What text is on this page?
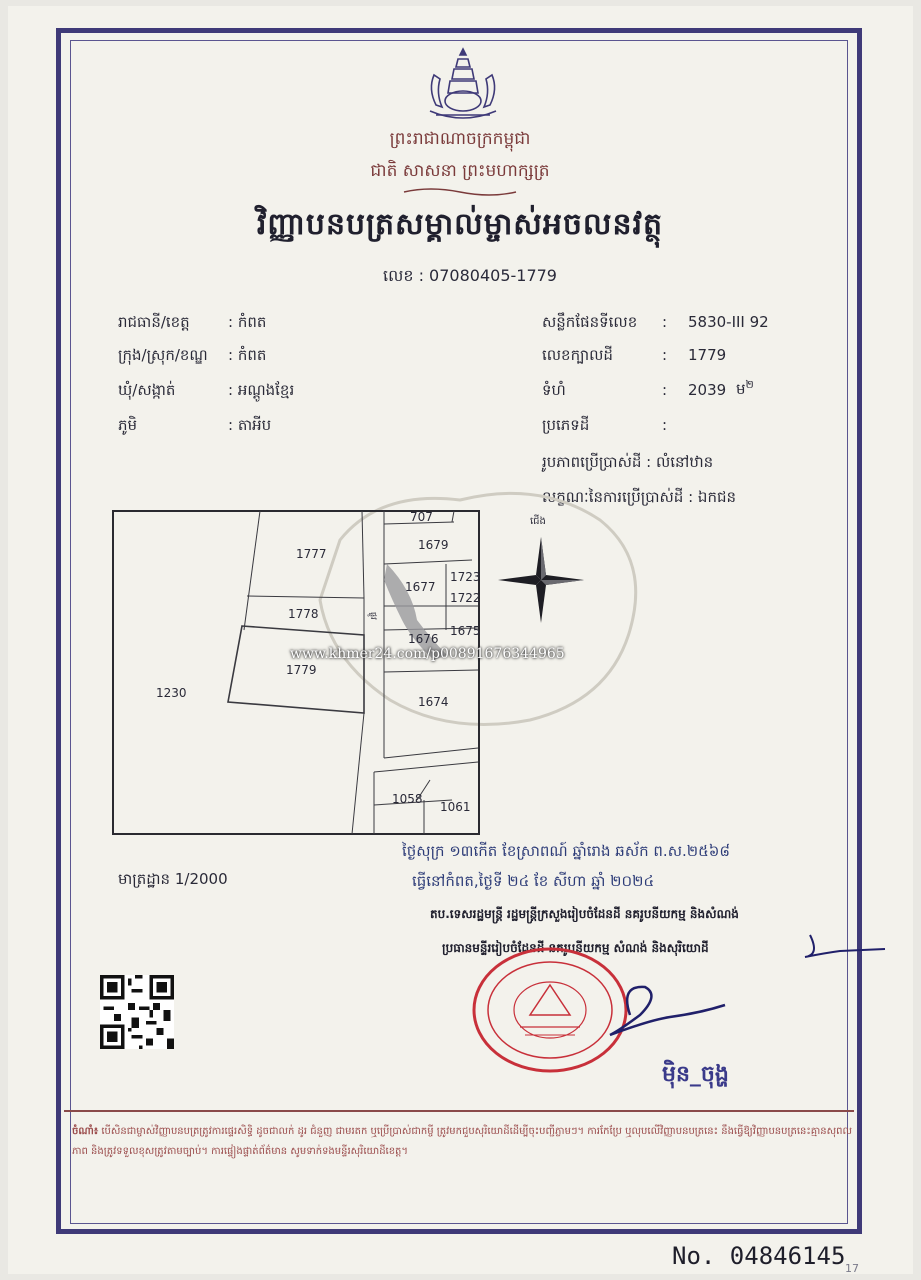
ព្រះរាជាណាចក្រកម្ពុជា
ជាតិ សាសនា ព្រះមហាក្សត្រ
វិញ្ញាបនបត្រសម្គាល់ម្ចាស់អចលនវត្ថុ
លេខ : 07080405-1779
រាជធានី/ខេត្ត	: កំពត
ក្រុង/ស្រុក/ខណ្ឌ : កំពត
ឃុំ/សង្កាត់	: អណ្ដូងខ្មែរ
ភូមិ	: តាអីប
សន្លឹកផែនទីលេខ : 5830-III 92
លេខក្បាលដី	: 1779
ទំហំ	: 2039 ម$^២$
ប្រភេទដី	:
រូបភាពប្រើប្រាស់ដី : លំនៅឋាន
លក្ខណៈនៃការប្រើប្រាស់ដី : ឯកជន
707
1679
1777
1677
1723
1722
1778
1676
1675
1779
1230
1674
1058
1061
ផ្លូវ
ជើង
www.khmer24.com/p00891676344965
មាត្រដ្ឋាន 1/2000
ថ្ងៃសុក្រ ១៣កើត ខែស្រាពណ៍ ឆ្នាំរោង ឆស័ក ព.ស.២៥៦៨
ធ្វើនៅកំពត,ថ្ងៃទី ២៤ ខែ សីហា ឆ្នាំ ២០២៤
តប.ទេសរដ្ឋមន្ត្រី រដ្ឋមន្ត្រីក្រសួងរៀបចំដែនដី នគរូបនីយកម្ម និងសំណង់
ប្រធានមន្ទីររៀបចំដែនដី នគរូបនីយកម្ម សំណង់ និងសុរិយោដី
ម៉ិន_ចុង្ហ
ចំណាំ៖ បើសិនជាម្ចាស់វិញ្ញាបនបត្រត្រូវការផ្ទេរសិទ្ធិ ដូចជាលក់ ដូរ ជំនួញ ជាមរតក ឬប្រើប្រាស់ជាកម្ចី ត្រូវមកជួបសុរិយោដីដើម្បីចុះបញ្ជីភ្លាមៗ។ ការកែប្រែ ឬលុបលើវិញ្ញាបនបត្រនេះ នឹងធ្វើឱ្យវិញ្ញាបនបត្រនេះគ្មានសុពលភាព និងត្រូវទទួលខុសត្រូវតាមច្បាប់។ ការផ្ទៀងផ្ទាត់ព័ត៌មាន សូមទាក់ទងមន្ទីរសុរិយោដីខេត្ត។
No. 04846145 17
